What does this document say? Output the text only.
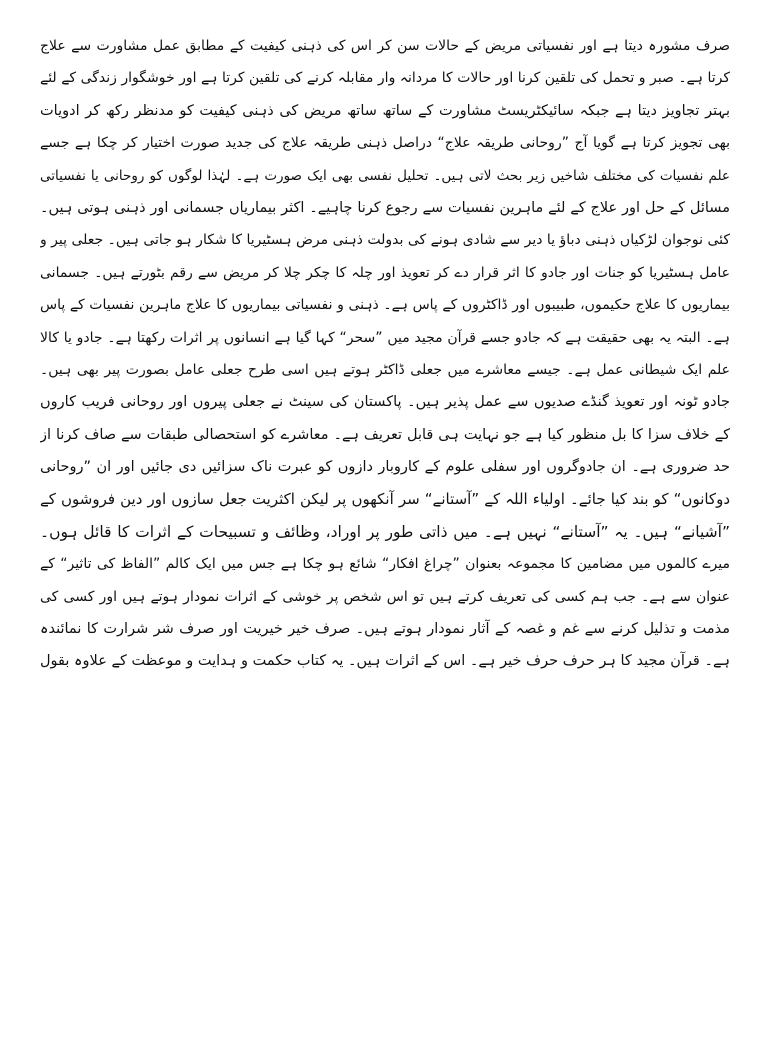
صرف مشورہ دیتا ہے اور نفسیاتی مریض کے حالات سن کر اس کی ذہنی کیفیت کے مطابق عمل مشاورت سے علاج
کرتا ہے۔ صبر و تحمل کی تلقین کرنا اور حالات کا مردانہ وار مقابلہ کرنے کی تلقین کرتا ہے اور خوشگوار زندگی کے لئے
بہتر تجاویز دیتا ہے جبکہ سائیکٹریسٹ مشاورت کے ساتھ ساتھ مریض کی ذہنی کیفیت کو مدنظر رکھ کر ادویات
بھی تجویز کرتا ہے گویا آج ”روحانی طریقہ علاج“ دراصل ذہنی طریقہ علاج کی جدید صورت اختیار کر چکا ہے جسے
علم نفسیات کی مختلف شاخیں زیر بحث لاتی ہیں۔ تحلیل نفسی بھی ایک صورت ہے۔ لہٰذا لوگوں کو روحانی یا نفسیاتی
مسائل کے حل اور علاج کے لئے ماہرین نفسیات سے رجوع کرنا چاہیے۔ اکثر بیماریاں جسمانی اور ذہنی ہوتی ہیں۔
کئی نوجوان لڑکیاں ذہنی دباؤ یا دیر سے شادی ہونے کی بدولت ذہنی مرض ہسٹیریا کا شکار ہو جاتی ہیں۔ جعلی پیر و
عامل ہسٹیریا کو جنات اور جادو کا اثر قرار دے کر تعویذ اور چلہ کا چکر چلا کر مریض سے رقم بٹورتے ہیں۔ جسمانی
بیماریوں کا علاج حکیموں، طبیبوں اور ڈاکٹروں کے پاس ہے۔ ذہنی و نفسیاتی بیماریوں کا علاج ماہرین نفسیات کے پاس
ہے۔ البتہ یہ بھی حقیقت ہے کہ جادو جسے قرآن مجید میں ”سحر“ کہا گیا ہے انسانوں پر اثرات رکھتا ہے۔ جادو یا کالا
علم ایک شیطانی عمل ہے۔ جیسے معاشرے میں جعلی ڈاکٹر ہوتے ہیں اسی طرح جعلی عامل بصورت پیر بھی ہیں۔
جادو ٹونہ اور تعویذ گنڈے صدیوں سے عمل پذیر ہیں۔ پاکستان کی سینٹ نے جعلی پیروں اور روحانی فریب کاروں
کے خلاف سزا کا بل منظور کیا ہے جو نہایت ہی قابل تعریف ہے۔ معاشرے کو استحصالی طبقات سے صاف کرنا از
حد ضروری ہے۔ ان جادوگروں اور سفلی علوم کے کاروبار دازوں کو عبرت ناک سزائیں دی جائیں اور ان ”روحانی
دوکانوں“ کو بند کیا جائے۔ اولیاء اللہ کے ”آستانے“ سر آنکھوں پر لیکن اکثریت جعل سازوں اور دین فروشوں کے
”آشیانے“ ہیں۔ یہ ”آستانے“ نہیں ہے۔ میں ذاتی طور پر اوراد، وظائف و تسبیحات کے اثرات کا قائل ہوں۔
میرے کالموں میں مضامین کا مجموعہ بعنوان ”چراغ افکار“ شائع ہو چکا ہے جس میں ایک کالم ”الفاظ کی تاثیر“ کے
عنوان سے ہے۔ جب ہم کسی کی تعریف کرتے ہیں تو اس شخص پر خوشی کے اثرات نمودار ہوتے ہیں اور کسی کی
مذمت و تذلیل کرنے سے غم و غصہ کے آثار نمودار ہوتے ہیں۔ صرف خیر خیریت اور صرف شر شرارت کا نمائندہ
ہے۔ قرآن مجید کا ہر حرف حرف خیر ہے۔ اس کے اثرات ہیں۔ یہ کتاب حکمت و ہدایت و موعظت کے علاوہ بقول
